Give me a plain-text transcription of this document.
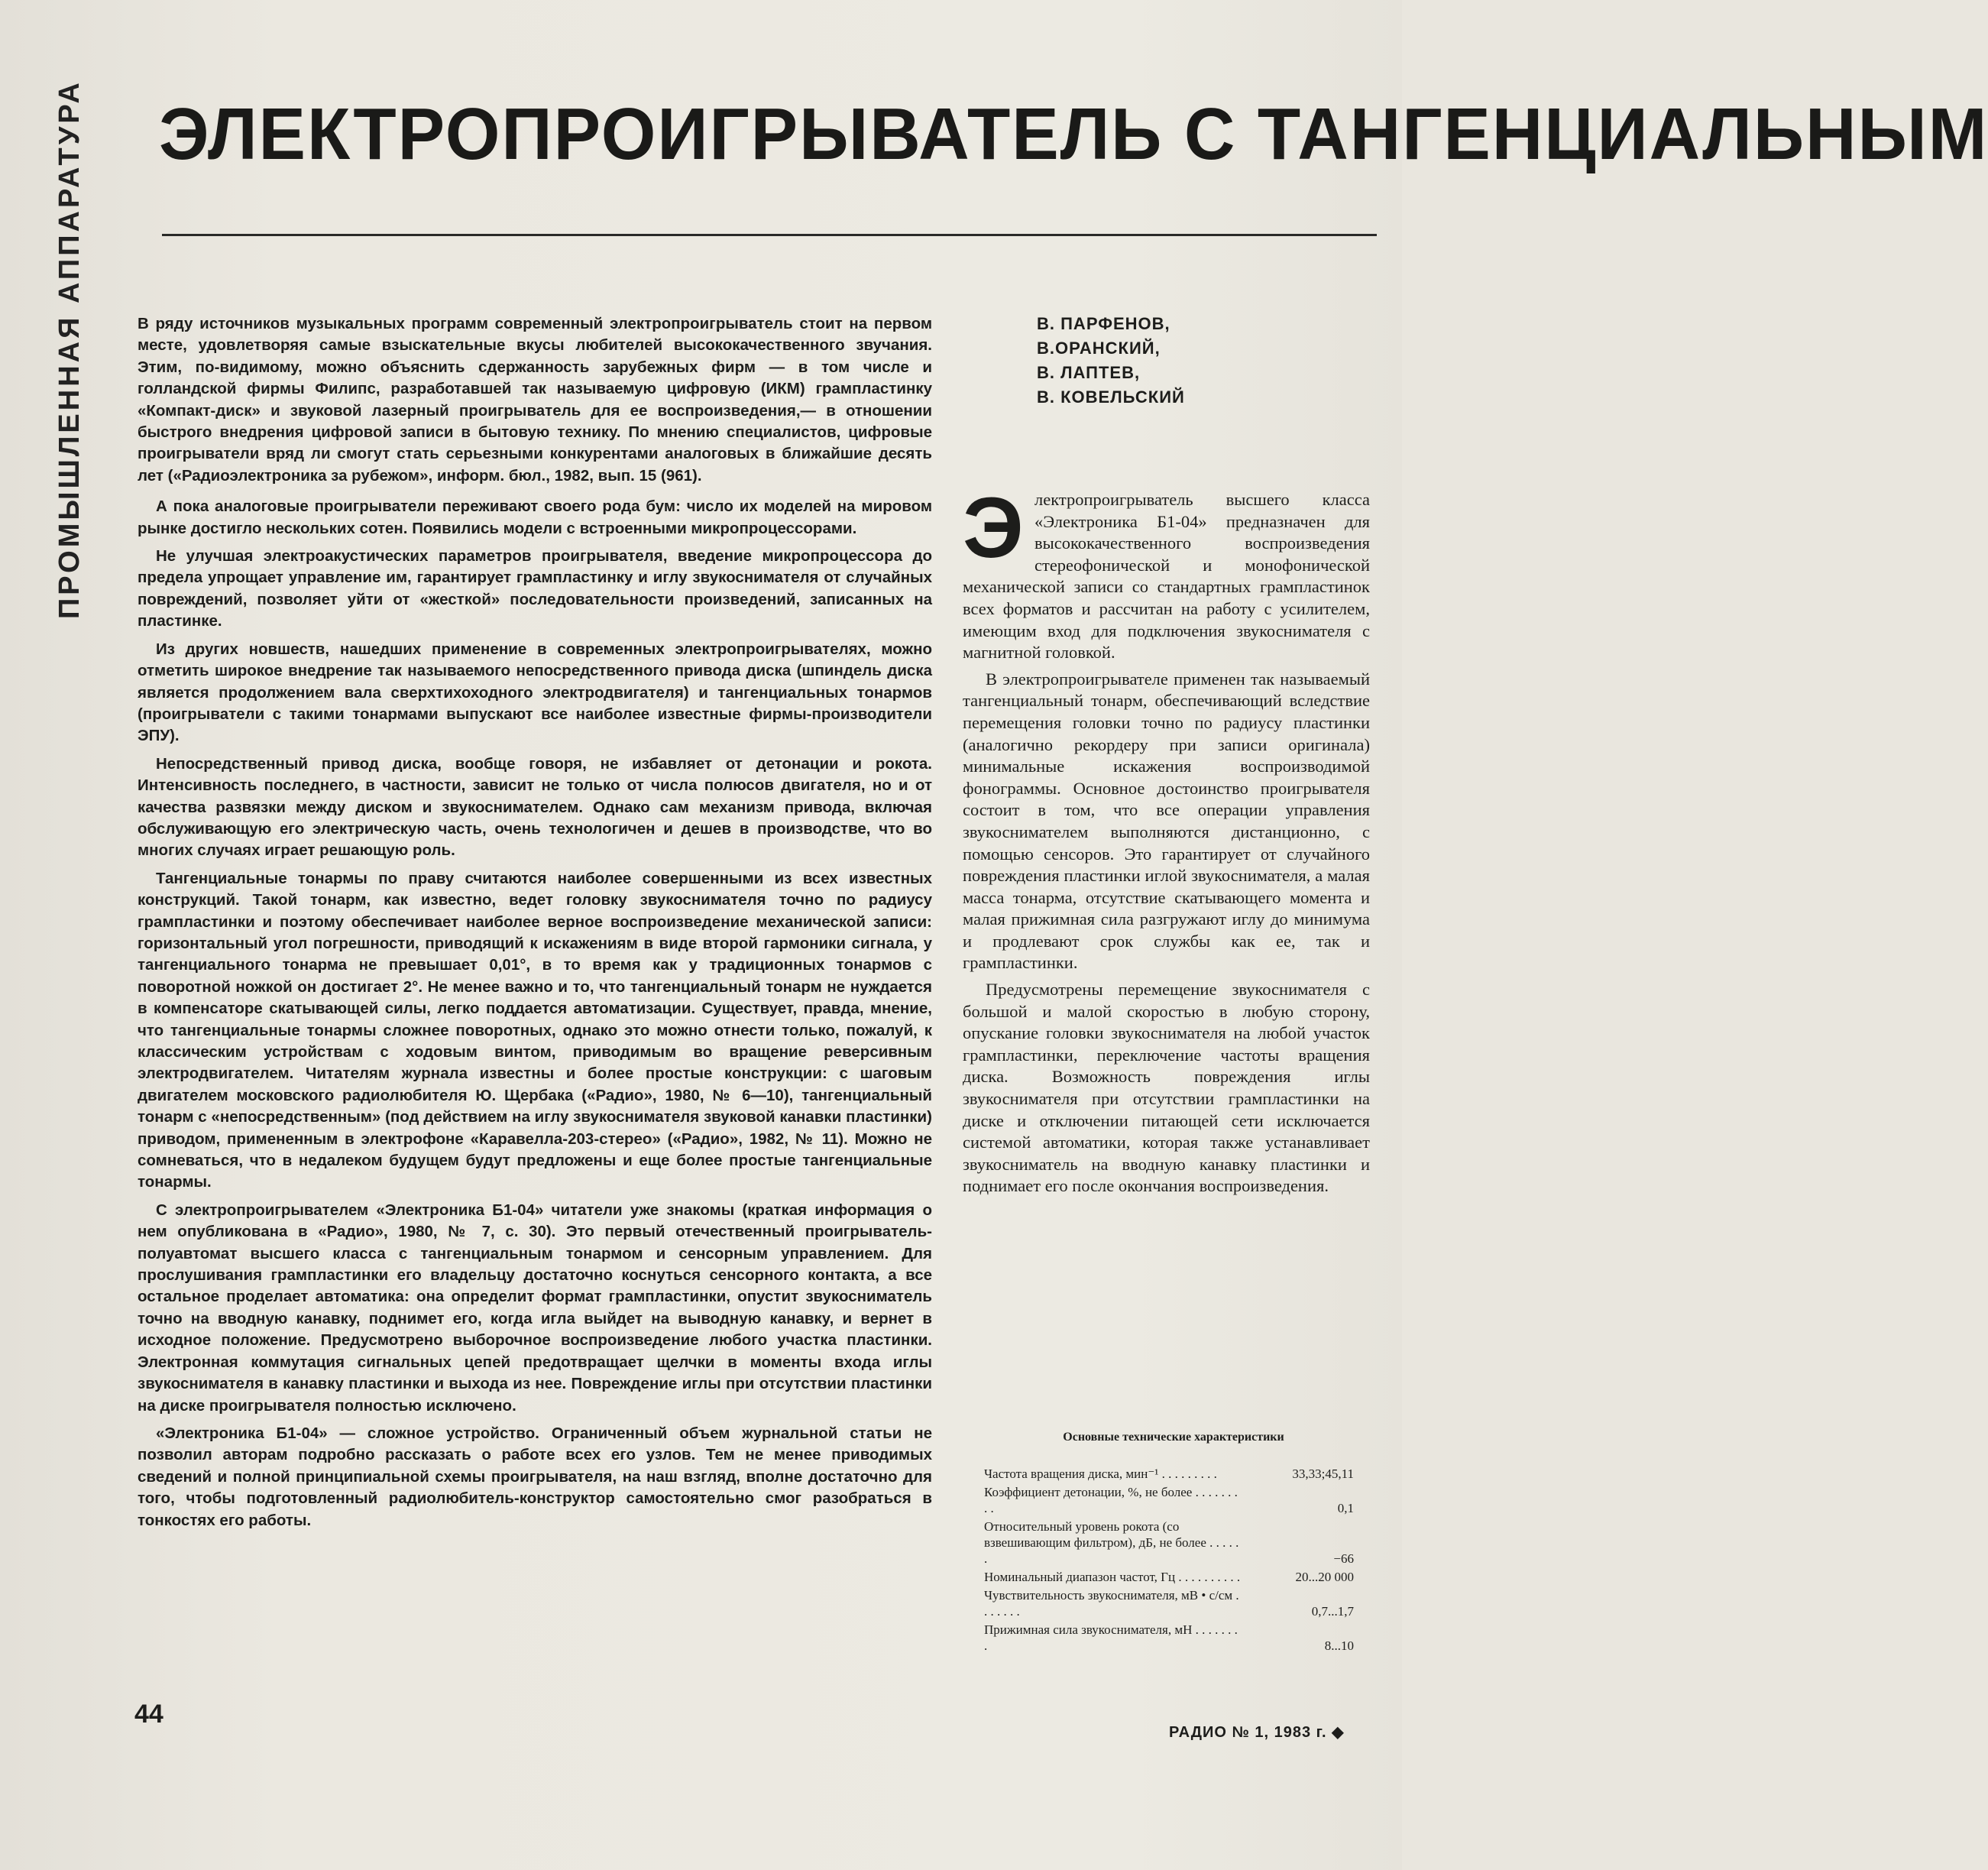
ПРОМЫШЛЕННАЯ АППАРАТУРА ЭЛЕКТРОПРОИГРЫВАТЕЛЬ С ТАНГЕНЦИАЛЬНЫМ

В ряду источников музыкальных программ современный электропроигрыватель стоит на первом месте, удовлетворяя самые взыскательные вкусы любителей высококачественного звучания. Этим, по-видимому, можно объяснить сдержанность зарубежных фирм — в том числе и голландской фирмы Филипс, разработавшей так называемую цифровую (ИКМ) грампластинку «Компакт-диск» и звуковой лазерный проигрыватель для ее воспроизведения,— в отношении быстрого внедрения цифровой записи в бытовую технику. По мнению специалистов, цифровые проигрыватели вряд ли смогут стать серьезными конкурентами аналоговых в ближайшие десять лет («Радиоэлектроника за рубежом», информ. бюл., 1982, вып. 15 (961).

А пока аналоговые проигрыватели переживают своего рода бум: число их моделей на мировом рынке достигло нескольких сотен. Появились модели с встроенными микропроцессорами.

Не улучшая электроакустических параметров проигрывателя, введение микропроцессора до предела упрощает управление им, гарантирует грампластинку и иглу звукоснимателя от случайных повреждений, позволяет уйти от «жесткой» последовательности произведений, записанных на пластинке.

Из других новшеств, нашедших применение в современных электропроигрывателях, можно отметить широкое внедрение так называемого непосредственного привода диска (шпиндель диска является продолжением вала сверхтихоходного электродвигателя) и тангенциальных тонармов (проигрыватели с такими тонармами выпускают все наиболее известные фирмы-производители ЭПУ).

Непосредственный привод диска, вообще говоря, не избавляет от детонации и рокота. Интенсивность последнего, в частности, зависит не только от числа полюсов двигателя, но и от качества развязки между диском и звукоснимателем. Однако сам механизм привода, включая обслуживающую его электрическую часть, очень технологичен и дешев в производстве, что во многих случаях играет решающую роль.

Тангенциальные тонармы по праву считаются наиболее совершенными из всех известных конструкций. Такой тонарм, как известно, ведет головку звукоснимателя точно по радиусу грампластинки и поэтому обеспечивает наиболее верное воспроизведение механической записи: горизонтальный угол погрешности, приводящий к искажениям в виде второй гармоники сигнала, у тангенциального тонарма не превышает 0,01°, в то время как у традиционных тонармов с поворотной ножкой он достигает 2°. Не менее важно и то, что тангенциальный тонарм не нуждается в компенсаторе скатывающей силы, легко поддается автоматизации. Существует, правда, мнение, что тангенциальные тонармы сложнее поворотных, однако это можно отнести только, пожалуй, к классическим устройствам с ходовым винтом, приводимым во вращение реверсивным электродвигателем. Читателям журнала известны и более простые конструкции: с шаговым двигателем московского радиолюбителя Ю. Щербака («Радио», 1980, № 6—10), тангенциальный тонарм с «непосредственным» (под действием на иглу звукоснимателя звуковой канавки пластинки) приводом, примененным в электрофоне «Каравелла-203-стерео» («Радио», 1982, № 11). Можно не сомневаться, что в недалеком будущем будут предложены и еще более простые тангенциальные тонармы.

С электропроигрывателем «Электроника Б1-04» читатели уже знакомы (краткая информация о нем опубликована в «Радио», 1980, № 7, с. 30). Это первый отечественный проигрыватель-полуавтомат высшего класса с тангенциальным тонармом и сенсорным управлением. Для прослушивания грампластинки его владельцу достаточно коснуться сенсорного контакта, а все остальное проделает автоматика: она определит формат грампластинки, опустит звукосниматель точно на вводную канавку, поднимет его, когда игла выйдет на выводную канавку, и вернет в исходное положение. Предусмотрено выборочное воспроизведение любого участка пластинки. Электронная коммутация сигнальных цепей предотвращает щелчки в моменты входа иглы звукоснимателя в канавку пластинки и выхода из нее. Повреждение иглы при отсутствии пластинки на диске проигрывателя полностью исключено.

«Электроника Б1-04» — сложное устройство. Ограниченный объем журнальной статьи не позволил авторам подробно рассказать о работе всех его узлов. Тем не менее приводимых сведений и полной принципиальной схемы проигрывателя, на наш взгляд, вполне достаточно для того, чтобы подготовленный радиолюбитель-конструктор самостоятельно смог разобраться в тонкостях его работы.

В. ПАРФЕНОВ,
В.ОРАНСКИЙ,
В. ЛАПТЕВ,
В. КОВЕЛЬСКИЙ

Электропроигрыватель высшего класса «Электроника Б1-04» предназначен для высококачественного воспроизведения стереофонической и монофонической механической записи со стандартных грампластинок всех форматов и рассчитан на работу с усилителем, имеющим вход для подключения звукоснимателя с магнитной головкой.

В электропроигрывателе применен так называемый тангенциальный тонарм, обеспечивающий вследствие перемещения головки точно по радиусу пластинки (аналогично рекордеру при записи оригинала) минимальные искажения воспроизводимой фонограммы. Основное достоинство проигрывателя состоит в том, что все операции управления звукоснимателем выполняются дистанционно, с помощью сенсоров. Это гарантирует от случайного повреждения пластинки иглой звукоснимателя, а малая масса тонарма, отсутствие скатывающего момента и малая прижимная сила разгружают иглу до минимума и продлевают срок службы как ее, так и грампластинки.

Предусмотрены перемещение звукоснимателя с большой и малой скоростью в любую сторону, опускание головки звукоснимателя на любой участок грампластинки, переключение частоты вращения диска. Возможность повреждения иглы звукоснимателя при отсутствии грампластинки на диске и отключении питающей сети исключается системой автоматики, которая также устанавливает звукосниматель на вводную канавку пластинки и поднимает его после окончания воспроизведения.

Основные технические характеристики
Частота вращения диска, мин⁻¹ . . . . . . . . .	33,33;45,11
Коэффициент детонации, %, не более . . . . . . . . .	0,1
Относительный уровень рокота (со взвешивающим фильтром), дБ, не более . . . . . .	−66
Номинальный диапазон частот, Гц . . . . . . . . . .	20...20 000
Чувствительность звукоснимателя, мВ • с/см . . . . . . .	0,7...1,7
Прижимная сила звукоснимателя, мН . . . . . . . .	8...10
44
РАДИО № 1, 1983 г. ◆
